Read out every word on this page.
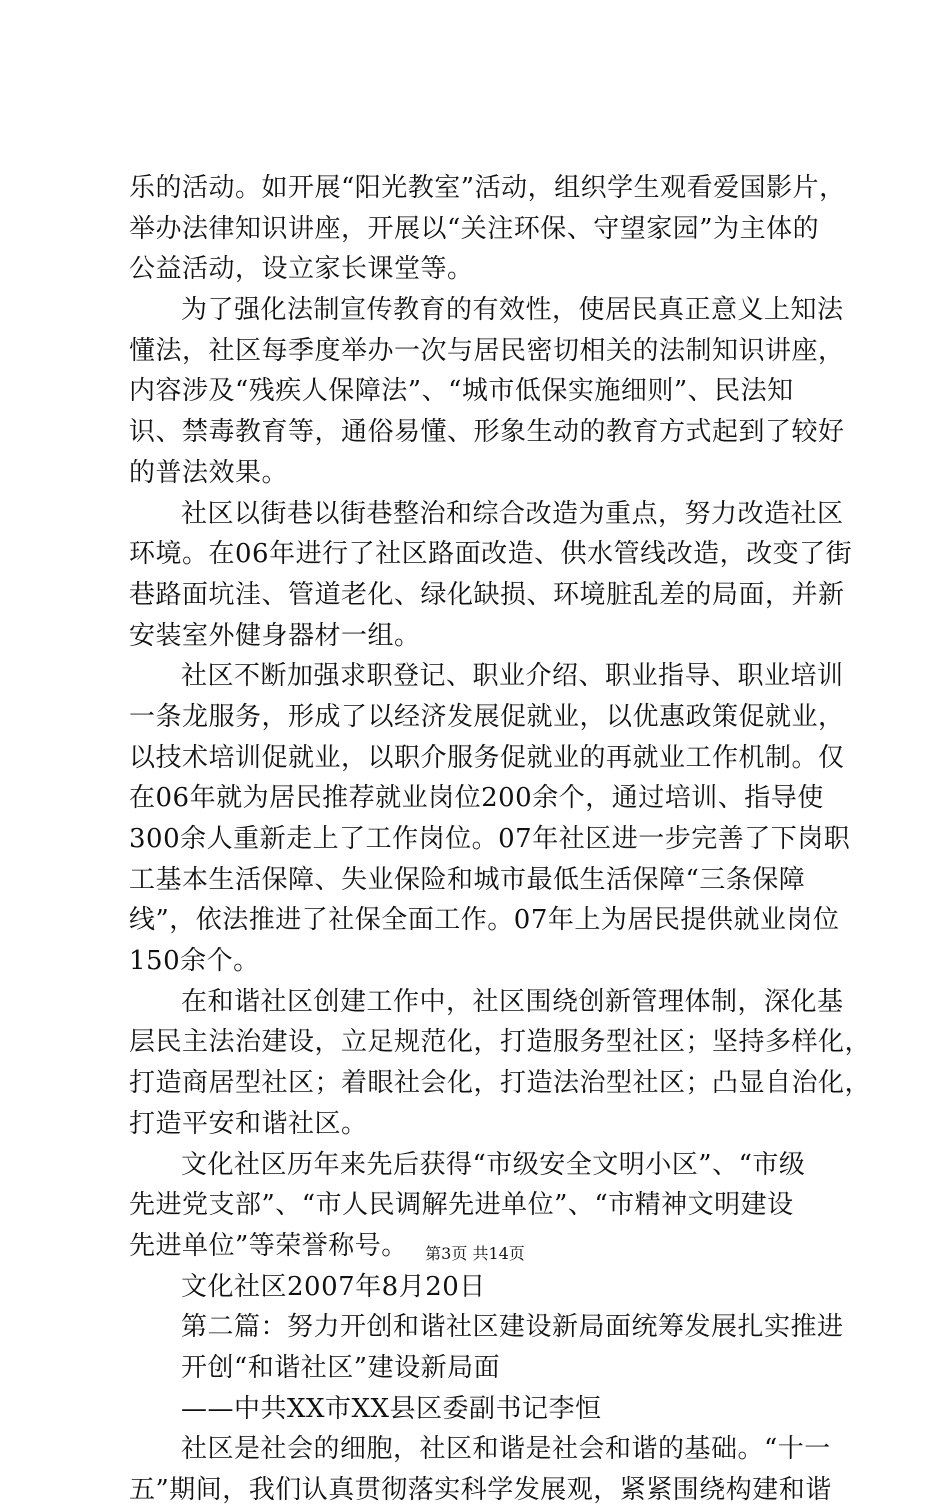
乐的活动。如开展“阳光教室”活动，组织学生观看爱国影片，
举办法律知识讲座，开展以“关注环保、守望家园”为主体的
公益活动，设立家长课堂等。
为了强化法制宣传教育的有效性，使居民真正意义上知法
懂法，社区每季度举办一次与居民密切相关的法制知识讲座，
内容涉及“残疾人保障法”、“城市低保实施细则”、民法知
识、禁毒教育等，通俗易懂、形象生动的教育方式起到了较好
的普法效果。
社区以街巷以街巷整治和综合改造为重点，努力改造社区
环境。在06年进行了社区路面改造、供水管线改造，改变了街
巷路面坑洼、管道老化、绿化缺损、环境脏乱差的局面，并新
安装室外健身器材一组。
社区不断加强求职登记、职业介绍、职业指导、职业培训
一条龙服务，形成了以经济发展促就业，以优惠政策促就业，
以技术培训促就业，以职介服务促就业的再就业工作机制。仅
在06年就为居民推荐就业岗位200余个，通过培训、指导使
300余人重新走上了工作岗位。07年社区进一步完善了下岗职
工基本生活保障、失业保险和城市最低生活保障“三条保障
线”，依法推进了社保全面工作。07年上为居民提供就业岗位
150余个。
在和谐社区创建工作中，社区围绕创新管理体制，深化基
层民主法治建设，立足规范化，打造服务型社区；坚持多样化，
打造商居型社区；着眼社会化，打造法治型社区；凸显自治化，
打造平安和谐社区。
文化社区历年来先后获得“市级安全文明小区”、“市级
先进党支部”、“市人民调解先进单位”、“市精神文明建设
先进单位”等荣誉称号。
文化社区2007年8月20日
第二篇：努力开创和谐社区建设新局面统筹发展扎实推进
开创“和谐社区”建设新局面
——中共XX市XX县区委副书记李恒
社区是社会的细胞，社区和谐是社会和谐的基础。“十一
五”期间，我们认真贯彻落实科学发展观，紧紧围绕构建和谐
第3页 共14页
